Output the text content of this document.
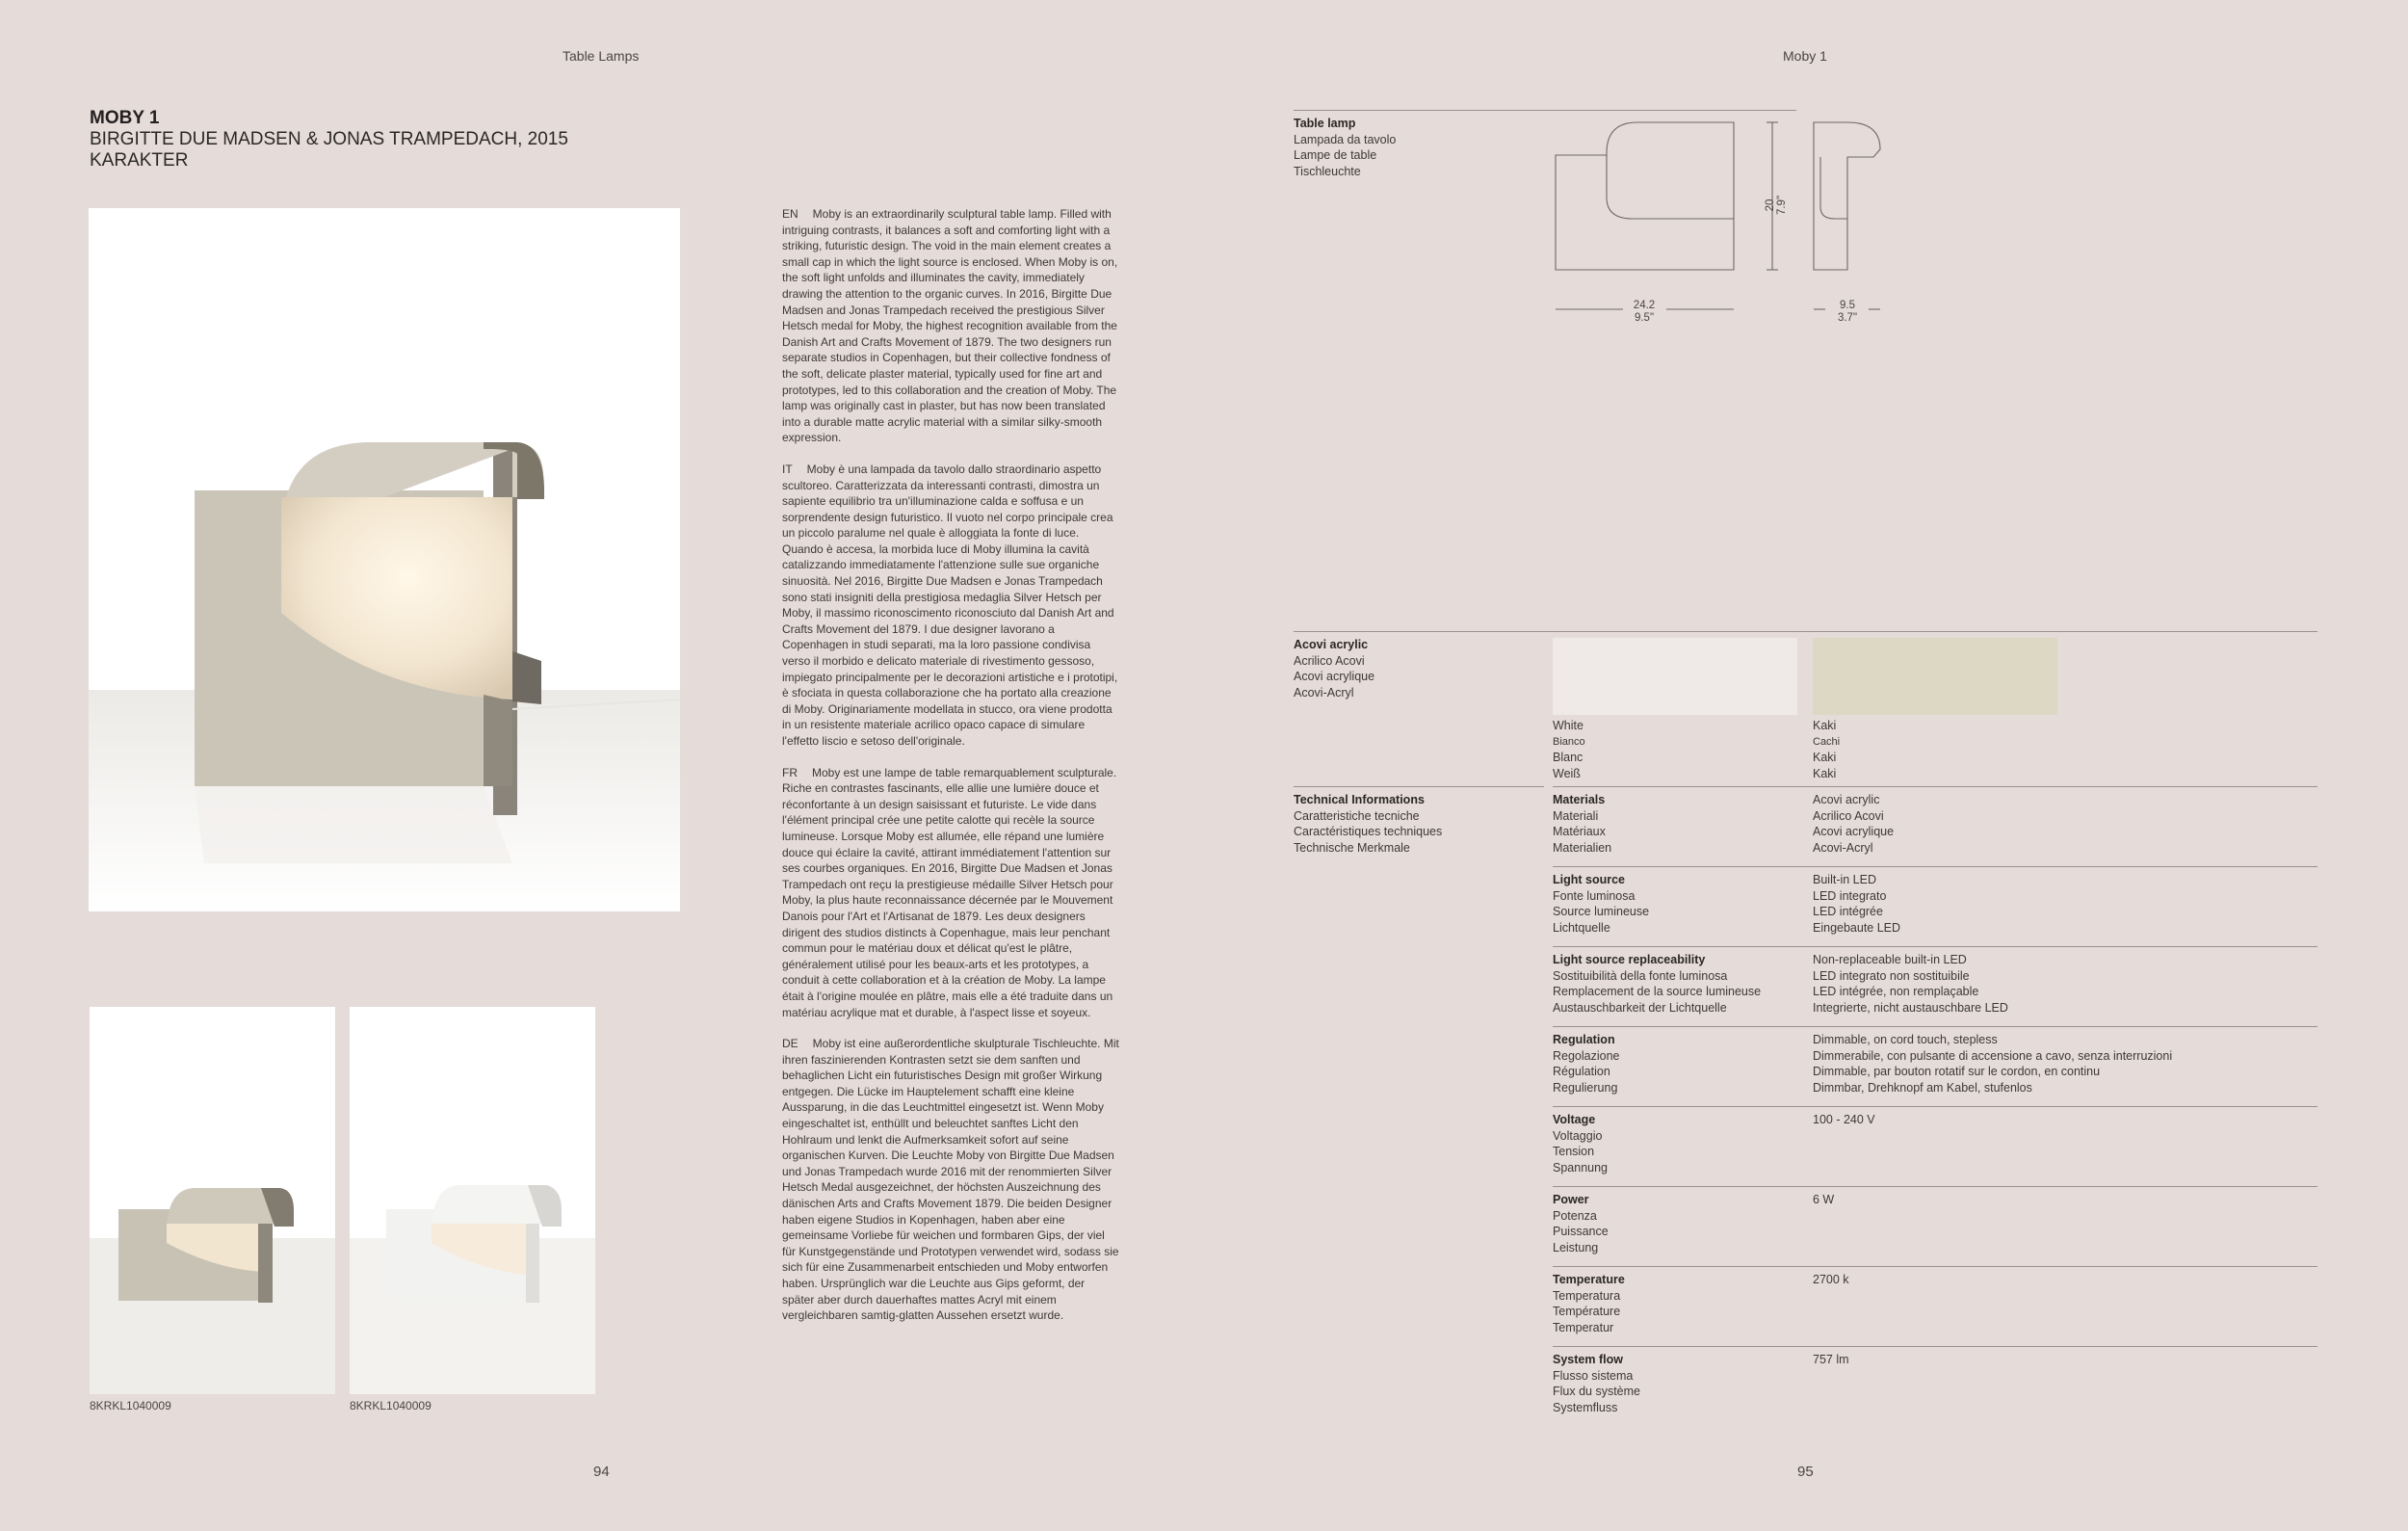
Table Lamps
MOBY 1
BIRGITTE DUE MADSEN & JONAS TRAMPEDACH, 2015
KARAKTER
8KRKL1040009	8KRKL1040009

EN Moby is an extraordinarily sculptural table lamp. Filled with intriguing contrasts, it balances a soft and comforting light with a striking, futuristic design. The void in the main element creates a small cap in which the light source is enclosed. When Moby is on, the soft light unfolds and illuminates the cavity, immediately drawing the attention to the organic curves. In 2016, Birgitte Due Madsen and Jonas Trampedach received the prestigious Silver Hetsch medal for Moby, the highest recognition available from the Danish Art and Crafts Movement of 1879. The two designers run separate studios in Copenhagen, but their collective fondness of the soft, delicate plaster material, typically used for fine art and prototypes, led to this collaboration and the creation of Moby. The lamp was originally cast in plaster, but has now been translated into a durable matte acrylic material with a similar silky-smooth expression.

IT Moby è una lampada da tavolo dallo straordinario aspetto scultoreo. Caratterizzata da interessanti contrasti, dimostra un sapiente equilibrio tra un'illuminazione calda e soffusa e un sorprendente design futuristico. Il vuoto nel corpo principale crea un piccolo paralume nel quale è alloggiata la fonte di luce. Quando è accesa, la morbida luce di Moby illumina la cavità catalizzando immediatamente l'attenzione sulle sue organiche sinuosità. Nel 2016, Birgitte Due Madsen e Jonas Trampedach sono stati insigniti della prestigiosa medaglia Silver Hetsch per Moby, il massimo riconoscimento riconosciuto dal Danish Art and Crafts Movement del 1879. I due designer lavorano a Copenhagen in studi separati, ma la loro passione condivisa verso il morbido e delicato materiale di rivestimento gessoso, impiegato principalmente per le decorazioni artistiche e i prototipi, è sfociata in questa collaborazione che ha portato alla creazione di Moby. Originariamente modellata in stucco, ora viene prodotta in un resistente materiale acrilico opaco capace di simulare l'effetto liscio e setoso dell'originale.

FR Moby est une lampe de table remarquablement sculpturale. Riche en contrastes fascinants, elle allie une lumière douce et réconfortante à un design saisissant et futuriste. Le vide dans l'élément principal crée une petite calotte qui recèle la source lumineuse. Lorsque Moby est allumée, elle répand une lumière douce qui éclaire la cavité, attirant immédiatement l'attention sur ses courbes organiques. En 2016, Birgitte Due Madsen et Jonas Trampedach ont reçu la prestigieuse médaille Silver Hetsch pour Moby, la plus haute reconnaissance décernée par le Mouvement Danois pour l'Art et l'Artisanat de 1879. Les deux designers dirigent des studios distincts à Copenhague, mais leur penchant commun pour le matériau doux et délicat qu'est le plâtre, généralement utilisé pour les beaux-arts et les prototypes, a conduit à cette collaboration et à la création de Moby. La lampe était à l'origine moulée en plâtre, mais elle a été traduite dans un matériau acrylique mat et durable, à l'aspect lisse et soyeux.

DE Moby ist eine außerordentliche skulpturale Tischleuchte. Mit ihren faszinierenden Kontrasten setzt sie dem sanften und behaglichen Licht ein futuristisches Design mit großer Wirkung entgegen. Die Lücke im Hauptelement schafft eine kleine Aussparung, in die das Leuchtmittel eingesetzt ist. Wenn Moby eingeschaltet ist, enthüllt und beleuchtet sanftes Licht den Hohlraum und lenkt die Aufmerksamkeit sofort auf seine organischen Kurven. Die Leuchte Moby von Birgitte Due Madsen und Jonas Trampedach wurde 2016 mit der renommierten Silver Hetsch Medal ausgezeichnet, der höchsten Auszeichnung des dänischen Arts and Crafts Movement 1879. Die beiden Designer haben eigene Studios in Kopenhagen, haben aber eine gemeinsame Vorliebe für weichen und formbaren Gips, der viel für Kunstgegenstände und Prototypen verwendet wird, sodass sie sich für eine Zusammenarbeit entschieden und Moby entworfen haben. Ursprünglich war die Leuchte aus Gips geformt, der später aber durch dauerhaftes mattes Acryl mit einem vergleichbaren samtig-glatten Aussehen ersetzt wurde.

94
Moby 1
Table lamp
Lampada da tavolo
Lampe de table
Tischleuchte
20 7.9"
24.2
9.5"
9.5
3.7"
Acovi acrylic
Acrilico Acovi
Acovi acrylique
Acovi-Acryl
White
Bianco
Blanc
Weiß
Kaki
Cachi
Kaki
Kaki
Technical Informations
Caratteristiche tecniche
Caractéristiques techniques
Technische Merkmale
Materials
Materiali
Matériaux
Materialien
Acovi acrylic
Acrilico Acovi
Acovi acrylique
Acovi-Acryl
Light source
Fonte luminosa
Source lumineuse
Lichtquelle
Built-in LED
LED integrato
LED intégrée
Eingebaute LED
Light source replaceability
Sostituibilità della fonte luminosa
Remplacement de la source lumineuse
Austauschbarkeit der Lichtquelle
Non-replaceable built-in LED
LED integrato non sostituibile
LED intégrée, non remplaçable
Integrierte, nicht austauschbare LED
Regulation
Regolazione
Régulation
Regulierung
Dimmable, on cord touch, stepless
Dimmerabile, con pulsante di accensione a cavo, senza interruzioni
Dimmable, par bouton rotatif sur le cordon, en continu
Dimmbar, Drehknopf am Kabel, stufenlos
Voltage
Voltaggio
Tension
Spannung
100 - 240 V
Power
Potenza
Puissance
Leistung
6 W
Temperature
Temperatura
Température
Temperatur
2700 k
System flow
Flusso sistema
Flux du système
Systemfluss
757 lm
95
